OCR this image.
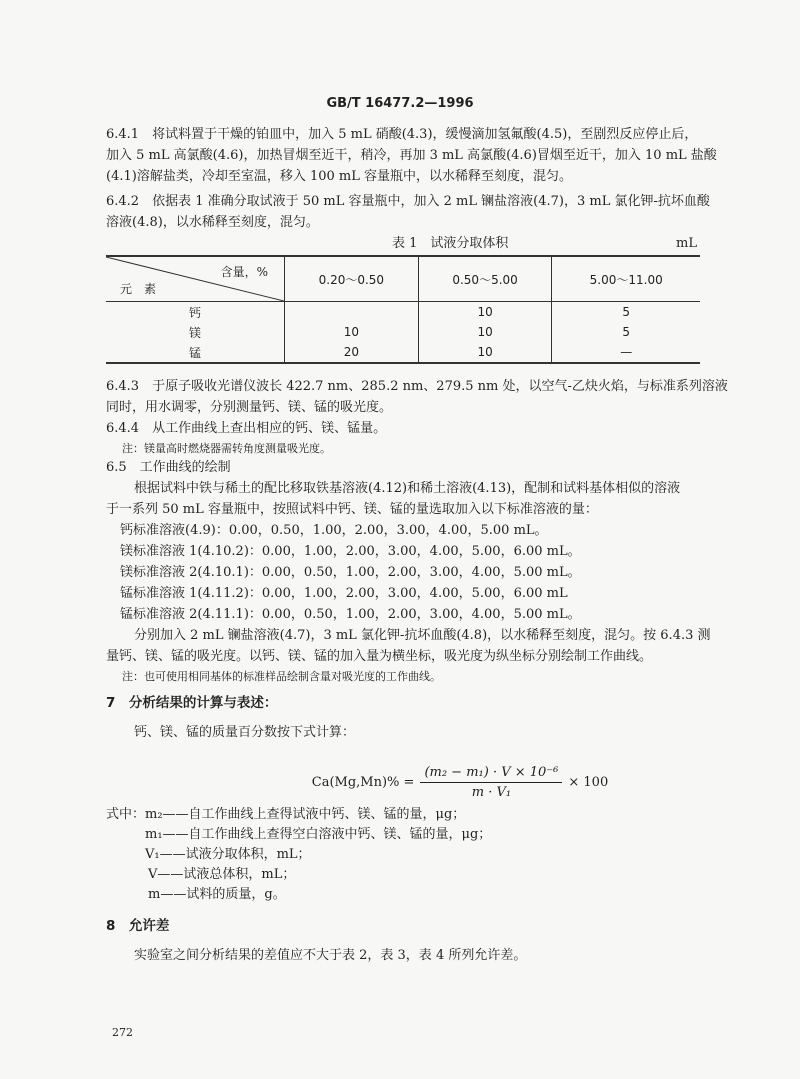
GB/T 16477.2—1996
6.4.1　将试料置于干燥的铂皿中，加入 5 mL 硝酸(4.3)，缓慢滴加氢氟酸(4.5)，至剧烈反应停止后，
加入 5 mL 高氯酸(4.6)，加热冒烟至近干，稍冷，再加 3 mL 高氯酸(4.6)冒烟至近干，加入 10 mL 盐酸
(4.1)溶解盐类，冷却至室温，移入 100 mL 容量瓶中，以水稀释至刻度，混匀。
6.4.2　依据表 1 准确分取试液于 50 mL 容量瓶中，加入 2 mL 镧盐溶液(4.7)，3 mL 氯化钾-抗坏血酸
溶液(4.8)，以水稀释至刻度，混匀。
表 1　试液分取体积	mL
含量，%
元　素	0.20～0.50	0.50～5.00	5.00～11.00
钙		10	5
镁	10	10	5
锰	20	10	—
6.4.3　于原子吸收光谱仪波长 422.7 nm、285.2 nm、279.5 nm 处，以空气-乙炔火焰，与标准系列溶液
同时，用水调零，分别测量钙、镁、锰的吸光度。
6.4.4　从工作曲线上查出相应的钙、镁、锰量。
注：镁量高时燃烧器需转角度测量吸光度。
6.5　工作曲线的绘制
根据试料中铁与稀土的配比移取铁基溶液(4.12)和稀土溶液(4.13)，配制和试料基体相似的溶液
于一系列 50 mL 容量瓶中，按照试料中钙、镁、锰的量选取加入以下标准溶液的量：
钙标准溶液(4.9)：0.00，0.50，1.00，2.00，3.00，4.00，5.00 mL。
镁标准溶液 1(4.10.2)：0.00，1.00，2.00，3.00，4.00，5.00，6.00 mL。
镁标准溶液 2(4.10.1)：0.00，0.50，1.00，2.00，3.00，4.00，5.00 mL。
锰标准溶液 1(4.11.2)：0.00，1.00，2.00，3.00，4.00，5.00，6.00 mL
锰标准溶液 2(4.11.1)：0.00，0.50，1.00，2.00，3.00，4.00，5.00 mL。
分别加入 2 mL 镧盐溶液(4.7)，3 mL 氯化钾-抗坏血酸(4.8)，以水稀释至刻度，混匀。按 6.4.3 测
量钙、镁、锰的吸光度。以钙、镁、锰的加入量为横坐标，吸光度为纵坐标分别绘制工作曲线。
注：也可使用相同基体的标准样品绘制含量对吸光度的工作曲线。
7　分析结果的计算与表述：
钙、镁、锰的质量百分数按下式计算：
$Ca(Mg,Mn)\% = \frac{\text{(m₂ − m₁) · V × 10⁻⁶}}{\text{m · V₁}} \times 100$
式中：m₂——自工作曲线上查得试液中钙、镁、锰的量，μg；
m₁——自工作曲线上查得空白溶液中钙、镁、锰的量，μg；
V₁——试液分取体积，mL；
V——试液总体积，mL；
m——试料的质量，g。
8　允许差
实验室之间分析结果的差值应不大于表 2，表 3，表 4 所列允许差。
272
